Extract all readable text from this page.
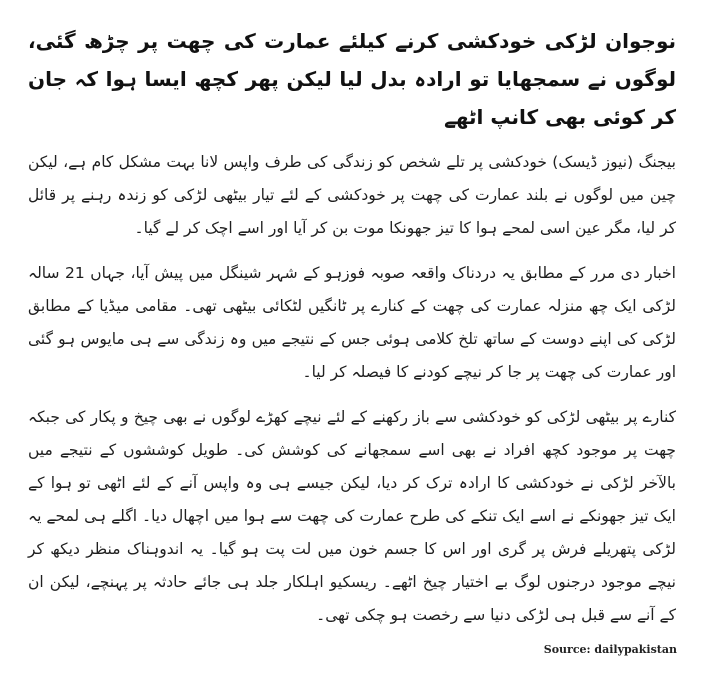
نوجوان لڑکی خودکشی کرنے کیلئے عمارت کی چھت پر چڑھ گئی، لوگوں نے سمجھایا تو ارادہ بدل لیا لیکن پھر کچھ ایسا ہوا کہ جان کر کوئی بھی کانپ اٹھے

بیجنگ (نیوز ڈیسک) خودکشی پر تلے شخص کو زندگی کی طرف واپس لانا بہت مشکل کام ہے، لیکن چین میں لوگوں نے بلند عمارت کی چھت پر خودکشی کے لئے تیار بیٹھی لڑکی کو زندہ رہنے پر قائل کر لیا، مگر عین اسی لمحے ہوا کا تیز جھونکا موت بن کر آیا اور اسے اچک کر لے گیا۔

اخبار دی مرر کے مطابق یہ دردناک واقعہ صوبہ فوزہو کے شہر شینگل میں پیش آیا، جہاں 21 سالہ لڑکی ایک چھ منزلہ عمارت کی چھت کے کنارے پر ٹانگیں لٹکائی بیٹھی تھی۔ مقامی میڈیا کے مطابق لڑکی کی اپنے دوست کے ساتھ تلخ کلامی ہوئی جس کے نتیجے میں وہ زندگی سے ہی مایوس ہو گئی اور عمارت کی چھت پر جا کر نیچے کودنے کا فیصلہ کر لیا۔

کنارے پر بیٹھی لڑکی کو خودکشی سے باز رکھنے کے لئے نیچے کھڑے لوگوں نے بھی چیخ و پکار کی جبکہ چھت پر موجود کچھ افراد نے بھی اسے سمجھانے کی کوشش کی۔ طویل کوششوں کے نتیجے میں بالآخر لڑکی نے خودکشی کا ارادہ ترک کر دیا، لیکن جیسے ہی وہ واپس آنے کے لئے اٹھی تو ہوا کے ایک تیز جھونکے نے اسے ایک تنکے کی طرح عمارت کی چھت سے ہوا میں اچھال دیا۔ اگلے ہی لمحے یہ لڑکی پتھریلے فرش پر گری اور اس کا جسم خون میں لت پت ہو گیا۔ یہ اندوہناک منظر دیکھ کر نیچے موجود درجنوں لوگ بے اختیار چیخ اٹھے۔ ریسکیو اہلکار جلد ہی جائے حادثہ پر پہنچے، لیکن ان کے آنے سے قبل ہی لڑکی دنیا سے رخصت ہو چکی تھی۔

Source: dailypakistan
